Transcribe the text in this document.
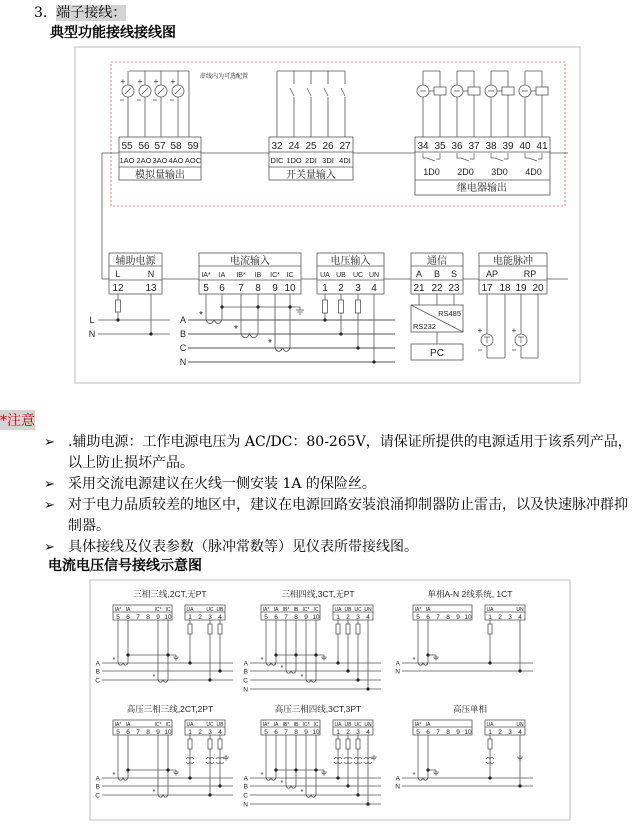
3. 端子接线：
典型功能接线接线图
*注意
➢ .辅助电源：工作电源电压为 AC/DC：80-265V，请保证所提供的电源适用于该系列产品，以上防止损坏产品。
➢ 采用交流电源建议在火线一侧安装 1A 的保险丝。
➢ 对于电力品质较差的地区中，建议在电源回路安装浪涌抑制器防止雷击，以及快速脉冲群抑制器。
➢ 具体接线及仪表参数（脉冲常数等）见仪表所带接线图。
电流电压信号接线示意图
虚线内为可选配置
55
1AO
56
2AO
57
3AO
58
4AO
59
AOC
模拟量输出
+ + + +
32
DIC
24
1DO
25
2DI
26
3DI
27
4DI
开关量输入
34 35 36 37 38 39 40 41
1D0 2D0 3D0 4D0
继电器输出
辅助电源
L
12
N
13
电流输入
IA*
5
IA
6
IB*
7
IB
8
IC*
9
IC
10
电压输入
UA
1
UB
2
UC
3
UN
4
通信
A
21
B
22
S
23
电能脉冲
AP	RP
17 18 19 20
L
N
A
B
C
N
*
*
*
RS485
RS232
PC
+	+
三相三线,2CT,无PT
IA*
5
IA
6 7 8
IC*
9
IC
10
UA
1 2
UC
3
UB
4
A
B
C
*
*
三相四线,3CT,无PT
IA*
5
IA
6
IB*
7
IB
8
IC*
9
IC
10
UA
1
UB
2
UC
3
UN
4
A
B
C
N
*
*
*
单相A-N 2线系统, 1CT
IA*
5
IA
6 7 8 9 10
UA
1 2 3
UN
4
A
N
*
高压三相三线,2CT,2PT
IA*
5
IA
6 7 8
IC*
9
IC
10
UA
1 2
UC
3
UB
4
A
B
C
*
*
高压三相四线,3CT,3PT
IA*
5
IA
6
IB*
7
IB
8
IC*
9
IC
10
UA
1
UB
2
UC
3
UN
4
A
B
C
N
*
*
*
高压单相
IA*
5
IA
6 7 8 9 10
UA
1 2 3
UN
4
A
N
*
